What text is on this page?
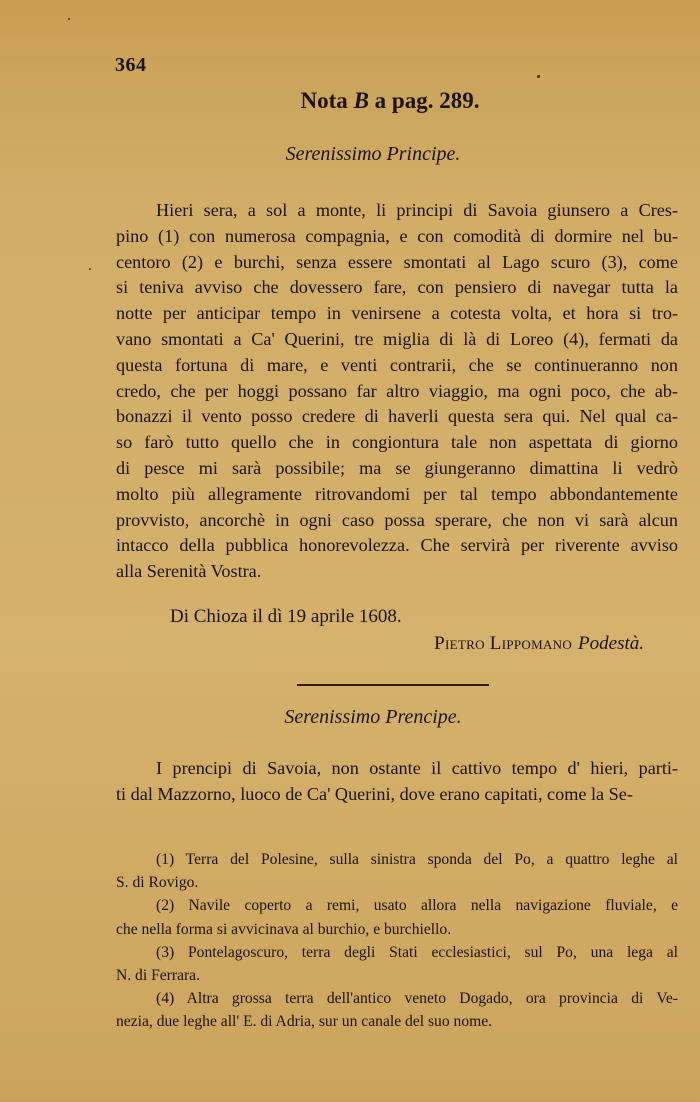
364
Nota B a pag. 289.
Serenissimo Principe.
Hieri sera, a sol a monte, li principi di Savoia giunsero a Cres-
pino (1) con numerosa compagnia, e con comodità di dormire nel bu-
centoro (2) e burchi, senza essere smontati al Lago scuro (3), come
si teniva avviso che dovessero fare, con pensiero di navegar tutta la
notte per anticipar tempo in venirsene a cotesta volta, et hora si tro-
vano smontati a Ca' Querini, tre miglia di là di Loreo (4), fermati da
questa fortuna di mare, e venti contrarii, che se continueranno non
credo, che per hoggi possano far altro viaggio, ma ogni poco, che ab-
bonazzi il vento posso credere di haverli questa sera qui. Nel qual ca-
so farò tutto quello che in congiontura tale non aspettata di giorno
di pesce mi sarà possibile; ma se giungeranno dimattina li vedrò
molto più allegramente ritrovandomi per tal tempo abbondantemente
provvisto, ancorchè in ogni caso possa sperare, che non vi sarà alcun
intacco della pubblica honorevolezza. Che servirà per riverente avviso
alla Serenità Vostra.
Di Chioza il dì 19 aprile 1608.
Pietro Lippomano Podestà.
Serenissimo Prencipe.
I prencipi di Savoia, non ostante il cattivo tempo d' hieri, parti-
ti dal Mazzorno, luoco de Ca' Querini, dove erano capitati, come la Se-
(1) Terra del Polesine, sulla sinistra sponda del Po, a quattro leghe al
S. di Rovigo.
(2) Navile coperto a remi, usato allora nella navigazione fluviale, e
che nella forma si avvicinava al burchio, e burchiello.
(3) Pontelagoscuro, terra degli Stati ecclesiastici, sul Po, una lega al
N. di Ferrara.
(4) Altra grossa terra dell'antico veneto Dogado, ora provincia di Ve-
nezia, due leghe all' E. di Adria, sur un canale del suo nome.
